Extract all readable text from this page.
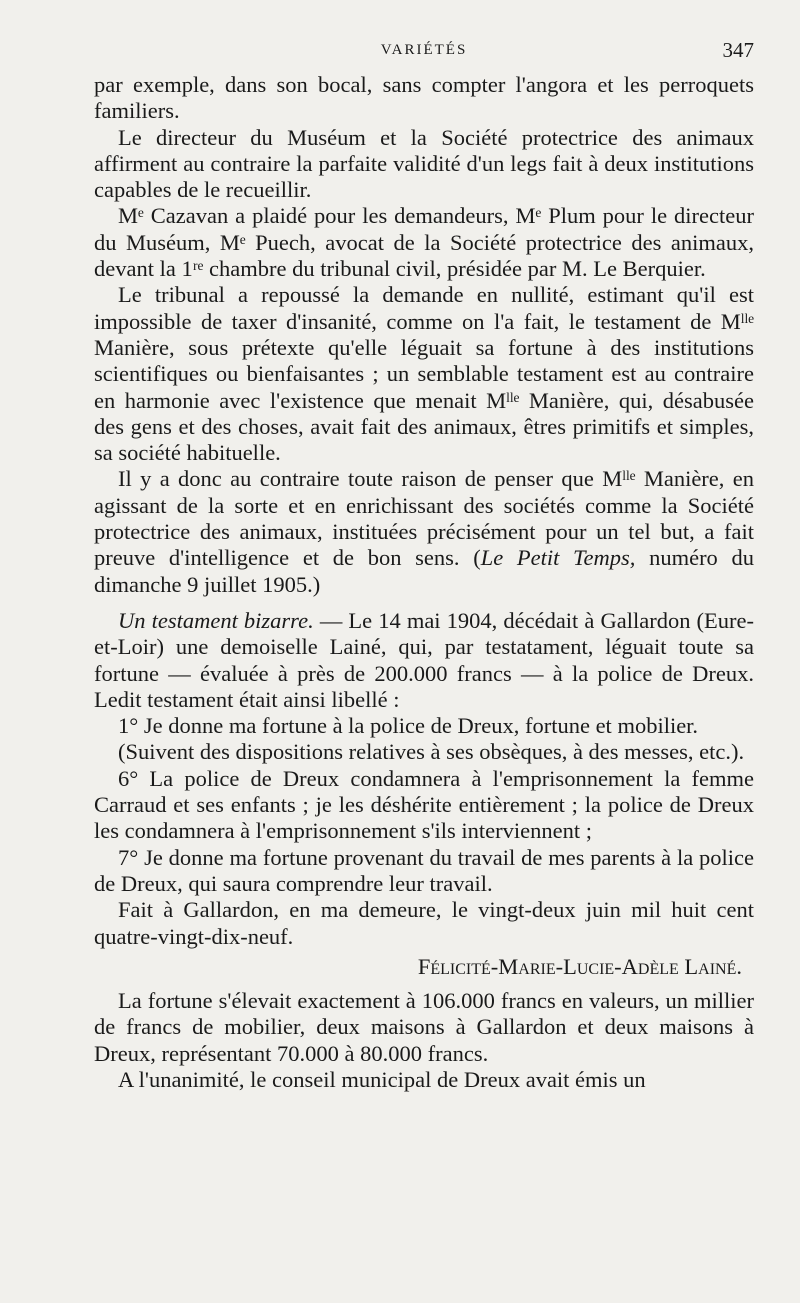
VARIÉTÉS	347

par exemple, dans son bocal, sans compter l'angora et les perroquets familiers.

Le directeur du Muséum et la Société protectrice des animaux affirment au contraire la parfaite validité d'un legs fait à deux institutions capables de le recueillir.

Mᵉ Cazavan a plaidé pour les demandeurs, Mᵉ Plum pour le directeur du Muséum, Mᵉ Puech, avocat de la Société protectrice des animaux, devant la 1ʳᵉ chambre du tribunal civil, présidée par M. Le Berquier.

Le tribunal a repoussé la demande en nullité, estimant qu'il est impossible de taxer d'insanité, comme on l'a fait, le testament de Mˡˡᵉ Manière, sous prétexte qu'elle léguait sa fortune à des institutions scientifiques ou bienfaisantes ; un semblable testament est au contraire en harmonie avec l'existence que menait Mˡˡᵉ Manière, qui, désabusée des gens et des choses, avait fait des animaux, êtres primitifs et simples, sa société habituelle.

Il y a donc au contraire toute raison de penser que Mˡˡᵉ Manière, en agissant de la sorte et en enrichissant des sociétés comme la Société protectrice des animaux, instituées précisément pour un tel but, a fait preuve d'intelligence et de bon sens. (Le Petit Temps, numéro du dimanche 9 juillet 1905.)

Un testament bizarre. — Le 14 mai 1904, décédait à Gallardon (Eure-et-Loir) une demoiselle Lainé, qui, par testatament, léguait toute sa fortune — évaluée à près de 200.000 francs — à la police de Dreux. Ledit testament était ainsi libellé :

1° Je donne ma fortune à la police de Dreux, fortune et mobilier.

(Suivent des dispositions relatives à ses obsèques, à des messes, etc.).

6° La police de Dreux condamnera à l'emprisonnement la femme Carraud et ses enfants ; je les déshérite entièrement ; la police de Dreux les condamnera à l'emprisonnement s'ils interviennent ;

7° Je donne ma fortune provenant du travail de mes parents à la police de Dreux, qui saura comprendre leur travail.

Fait à Gallardon, en ma demeure, le vingt-deux juin mil huit cent quatre-vingt-dix-neuf.

Félicité-Marie-Lucie-Adèle Lainé.

La fortune s'élevait exactement à 106.000 francs en valeurs, un millier de francs de mobilier, deux maisons à Gallardon et deux maisons à Dreux, représentant 70.000 à 80.000 francs.

A l'unanimité, le conseil municipal de Dreux avait émis un
